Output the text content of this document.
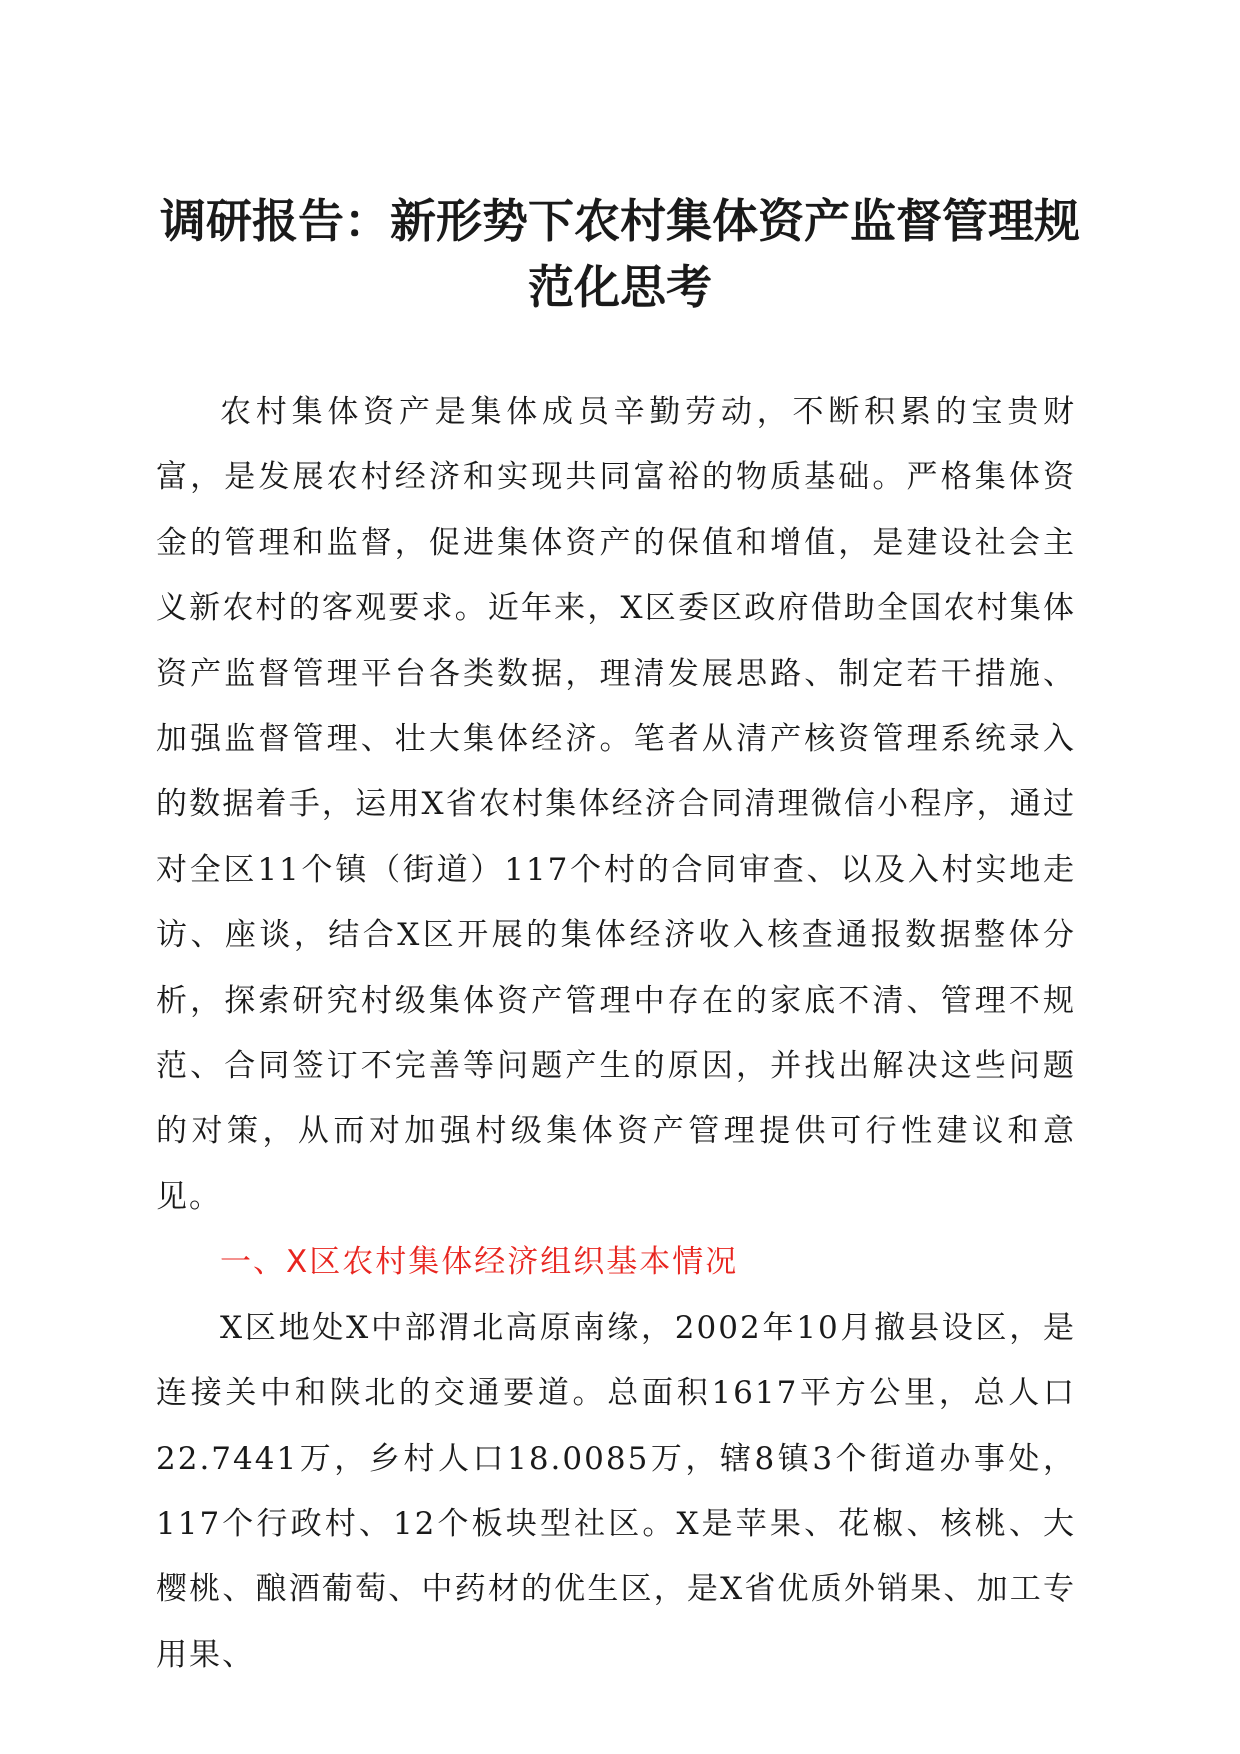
调研报告：新形势下农村集体资产监督管理规范化思考

农村集体资产是集体成员辛勤劳动，不断积累的宝贵财富，是发展农村经济和实现共同富裕的物质基础。严格集体资金的管理和监督，促进集体资产的保值和增值，是建设社会主义新农村的客观要求。近年来，X区委区政府借助全国农村集体资产监督管理平台各类数据，理清发展思路、制定若干措施、加强监督管理、壮大集体经济。笔者从清产核资管理系统录入的数据着手，运用X省农村集体经济合同清理微信小程序，通过对全区11个镇（街道）117个村的合同审查、以及入村实地走访、座谈，结合X区开展的集体经济收入核查通报数据整体分析，探索研究村级集体资产管理中存在的家底不清、管理不规范、合同签订不完善等问题产生的原因，并找出解决这些问题的对策，从而对加强村级集体资产管理提供可行性建议和意见。

一、X区农村集体经济组织基本情况

X区地处X中部渭北高原南缘，2002年10月撤县设区，是连接关中和陕北的交通要道。总面积1617平方公里，总人口22.7441万，乡村人口18.0085万，辖8镇3个街道办事处，117个行政村、12个板块型社区。X是苹果、花椒、核桃、大樱桃、酿酒葡萄、中药材的优生区，是X省优质外销果、加工专用果、
